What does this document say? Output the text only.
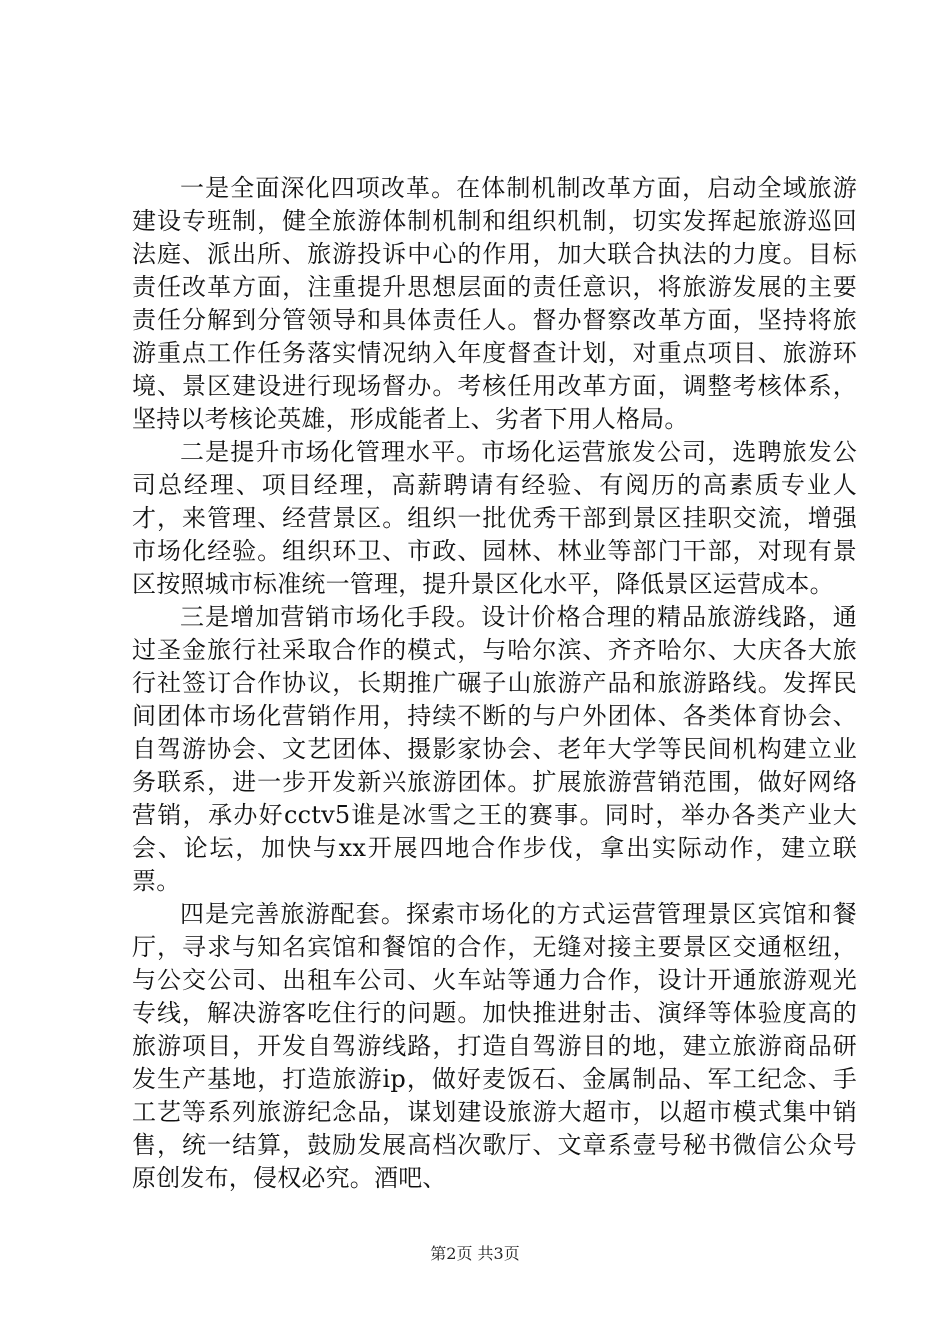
一是全面深化四项改革。在体制机制改革方面，启动全域旅游建设专班制，健全旅游体制机制和组织机制，切实发挥起旅游巡回法庭、派出所、旅游投诉中心的作用，加大联合执法的力度。目标责任改革方面，注重提升思想层面的责任意识，将旅游发展的主要责任分解到分管领导和具体责任人。督办督察改革方面，坚持将旅游重点工作任务落实情况纳入年度督查计划，对重点项目、旅游环境、景区建设进行现场督办。考核任用改革方面，调整考核体系，坚持以考核论英雄，形成能者上、劣者下用人格局。

二是提升市场化管理水平。市场化运营旅发公司，选聘旅发公司总经理、项目经理，高薪聘请有经验、有阅历的高素质专业人才，来管理、经营景区。组织一批优秀干部到景区挂职交流，增强市场化经验。组织环卫、市政、园林、林业等部门干部，对现有景区按照城市标准统一管理，提升景区化水平，降低景区运营成本。

三是增加营销市场化手段。设计价格合理的精品旅游线路，通过圣金旅行社采取合作的模式，与哈尔滨、齐齐哈尔、大庆各大旅行社签订合作协议，长期推广碾子山旅游产品和旅游路线。发挥民间团体市场化营销作用，持续不断的与户外团体、各类体育协会、自驾游协会、文艺团体、摄影家协会、老年大学等民间机构建立业务联系，进一步开发新兴旅游团体。扩展旅游营销范围，做好网络营销，承办好cctv5谁是冰雪之王的赛事。同时，举办各类产业大会、论坛，加快与xx开展四地合作步伐，拿出实际动作，建立联票。

四是完善旅游配套。探索市场化的方式运营管理景区宾馆和餐厅，寻求与知名宾馆和餐馆的合作，无缝对接主要景区交通枢纽，与公交公司、出租车公司、火车站等通力合作，设计开通旅游观光专线，解决游客吃住行的问题。加快推进射击、演绎等体验度高的旅游项目，开发自驾游线路，打造自驾游目的地，建立旅游商品研发生产基地，打造旅游ip，做好麦饭石、金属制品、军工纪念、手工艺等系列旅游纪念品，谋划建设旅游大超市，以超市模式集中销售，统一结算，鼓励发展高档次歌厅、文章系壹号秘书微信公众号原创发布，侵权必究。酒吧、

第2页 共3页
